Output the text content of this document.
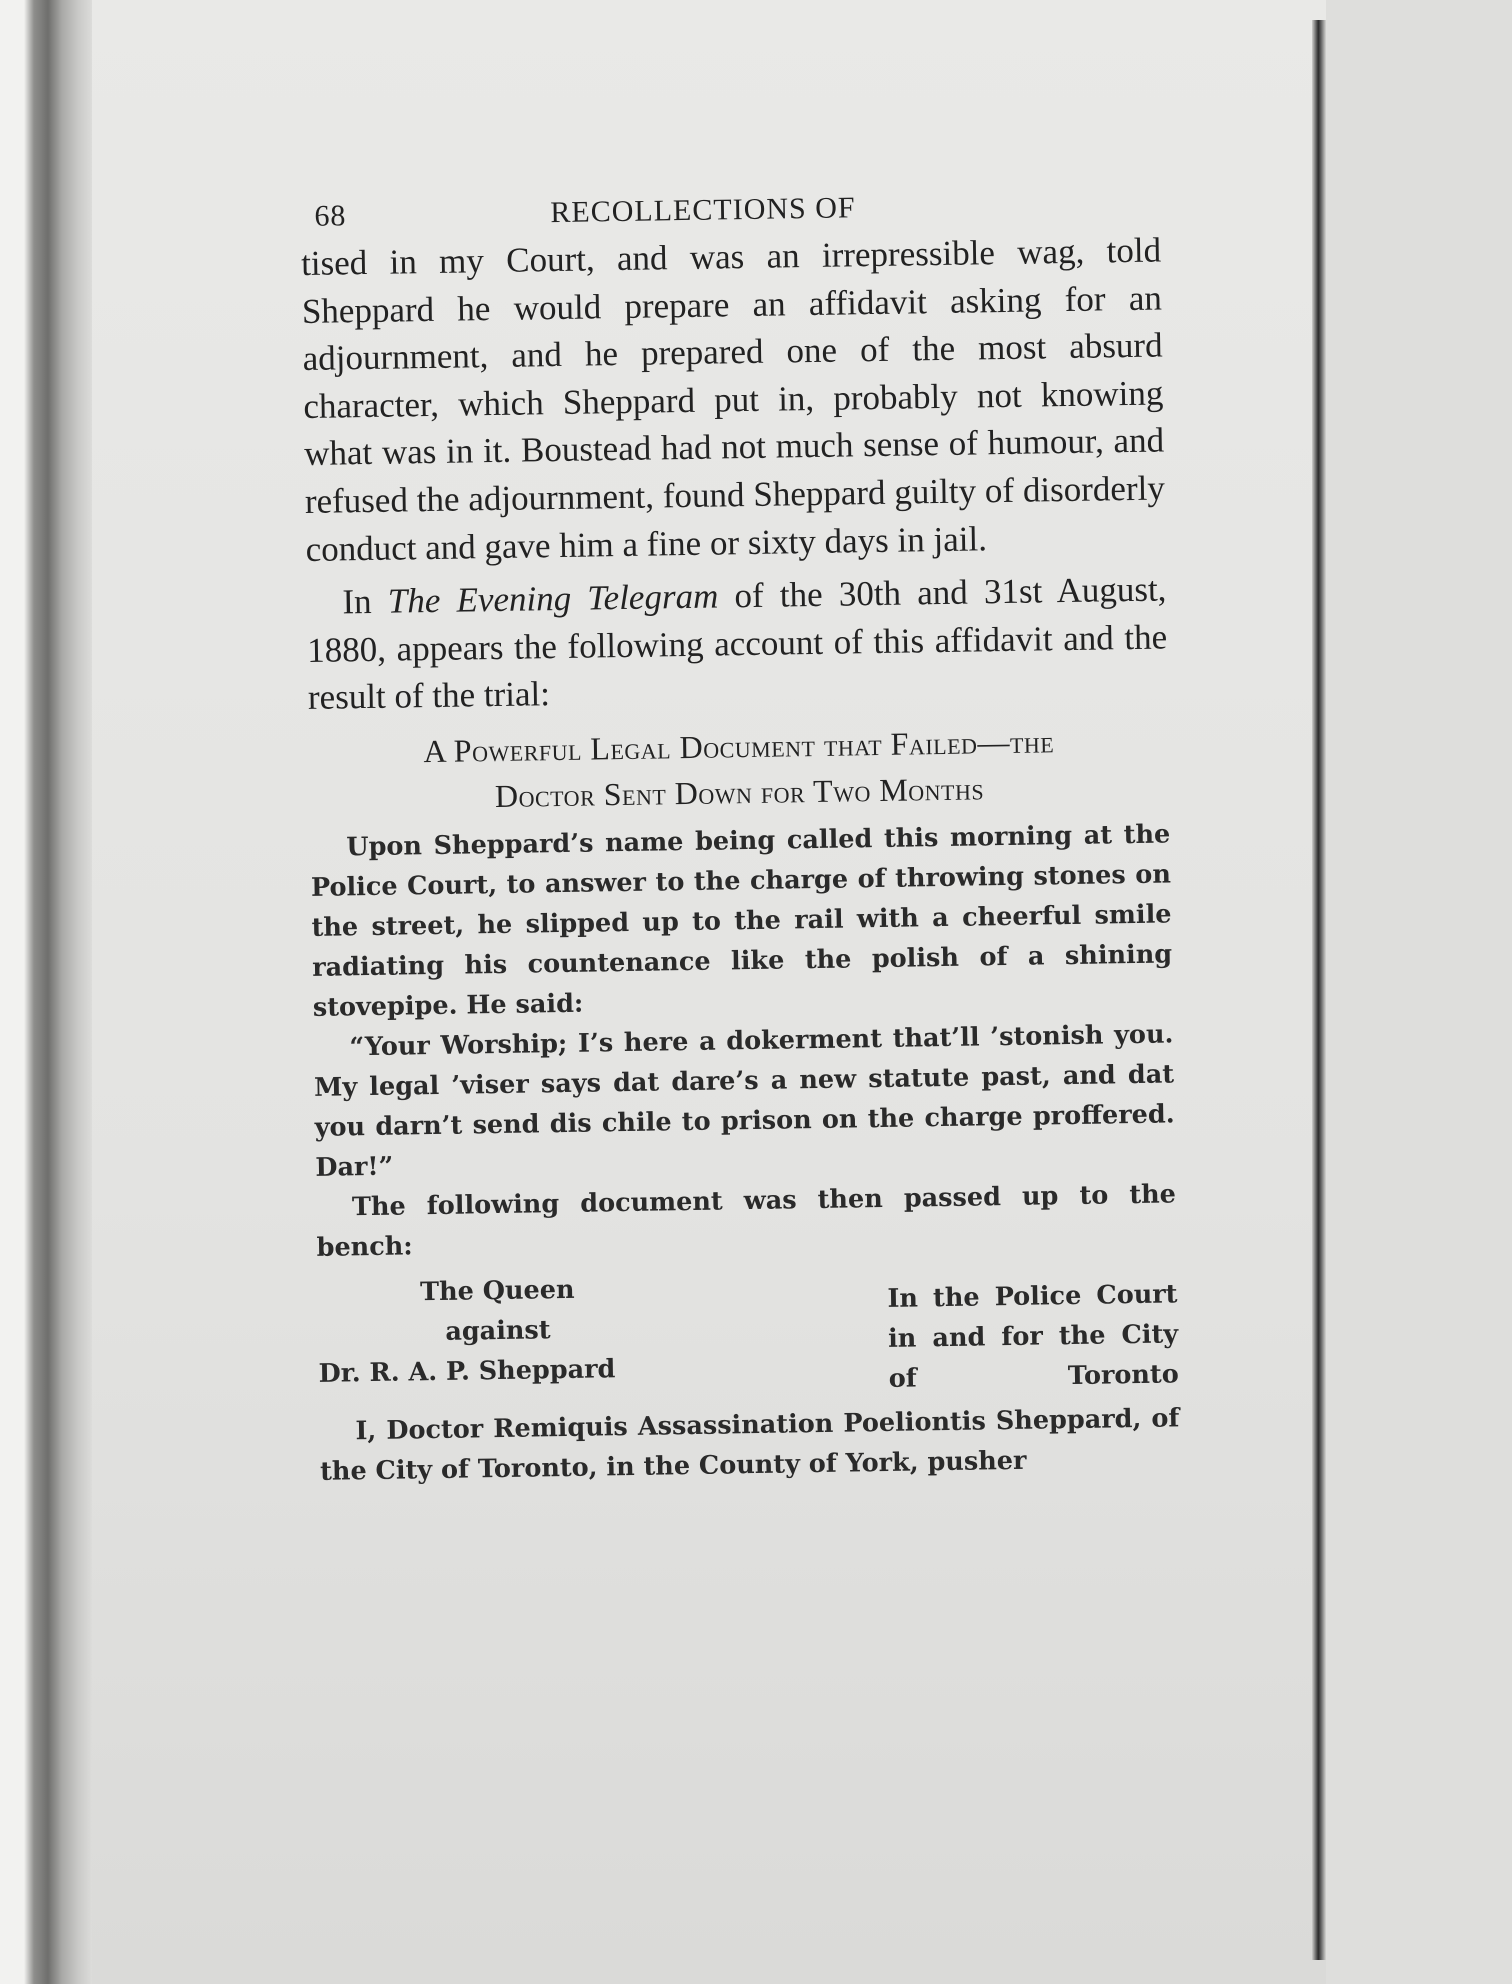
68	RECOLLECTIONS OF

tised in my Court, and was an irrepressible wag, told Sheppard he would prepare an affidavit asking for an adjournment, and he prepared one of the most absurd character, which Sheppard put in, probably not knowing what was in it. Boustead had not much sense of humour, and refused the adjournment, found Sheppard guilty of disorderly conduct and gave him a fine or sixty days in jail.

In The Evening Telegram of the 30th and 31st August, 1880, appears the following account of this affidavit and the result of the trial:

A Powerful Legal Document that Failed—the
Doctor Sent Down for Two Months

Upon Sheppard’s name being called this morning at the Police Court, to answer to the charge of throwing stones on the street, he slipped up to the rail with a cheerful smile radiating his countenance like the polish of a shining stovepipe. He said:

“Your Worship; I’s here a dokerment that’ll ’stonish you. My legal ’viser says dat dare’s a new statute past, and dat you darn’t send dis chile to prison on the charge proffered. Dar!”

The following document was then passed up to the bench:

The Queen
against
Dr. R. A. P. Sheppard
In the Police Court in and for the City of Toronto

I, Doctor Remiquis Assassination Poeliontis Sheppard, of the City of Toronto, in the County of York, pusher
